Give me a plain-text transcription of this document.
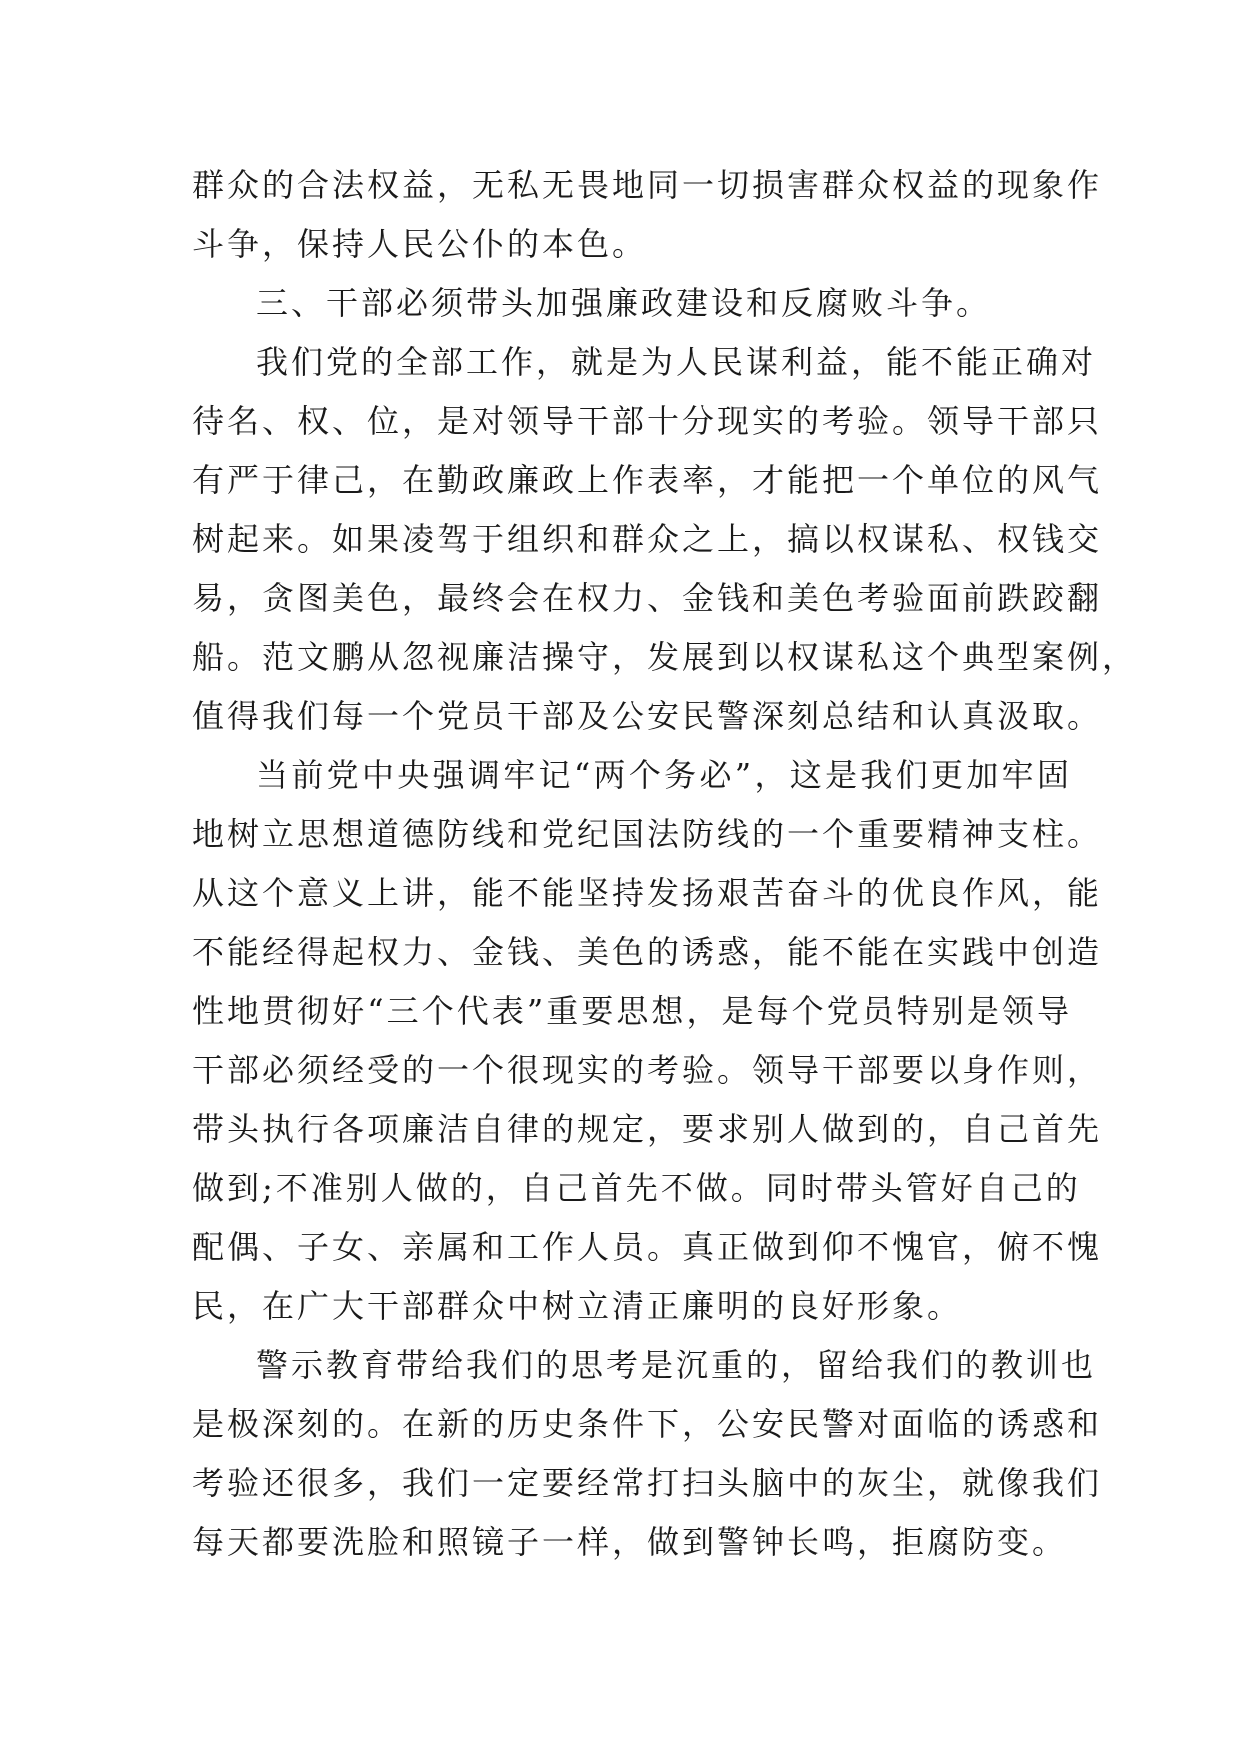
群众的合法权益，无私无畏地同一切损害群众权益的现象作
斗争，保持人民公仆的本色。
三、干部必须带头加强廉政建设和反腐败斗争。
我们党的全部工作，就是为人民谋利益，能不能正确对
待名、权、位，是对领导干部十分现实的考验。领导干部只
有严于律己，在勤政廉政上作表率，才能把一个单位的风气
树起来。如果凌驾于组织和群众之上，搞以权谋私、权钱交
易，贪图美色，最终会在权力、金钱和美色考验面前跌跤翻
船。范文鹏从忽视廉洁操守，发展到以权谋私这个典型案例，
值得我们每一个党员干部及公安民警深刻总结和认真汲取。
当前党中央强调牢记“两个务必”，这是我们更加牢固
地树立思想道德防线和党纪国法防线的一个重要精神支柱。
从这个意义上讲，能不能坚持发扬艰苦奋斗的优良作风，能
不能经得起权力、金钱、美色的诱惑，能不能在实践中创造
性地贯彻好“三个代表”重要思想，是每个党员特别是领导
干部必须经受的一个很现实的考验。领导干部要以身作则，
带头执行各项廉洁自律的规定，要求别人做到的，自己首先
做到;不准别人做的，自己首先不做。同时带头管好自己的
配偶、子女、亲属和工作人员。真正做到仰不愧官，俯不愧
民，在广大干部群众中树立清正廉明的良好形象。
警示教育带给我们的思考是沉重的，留给我们的教训也
是极深刻的。在新的历史条件下，公安民警对面临的诱惑和
考验还很多，我们一定要经常打扫头脑中的灰尘，就像我们
每天都要洗脸和照镜子一样，做到警钟长鸣，拒腐防变。
